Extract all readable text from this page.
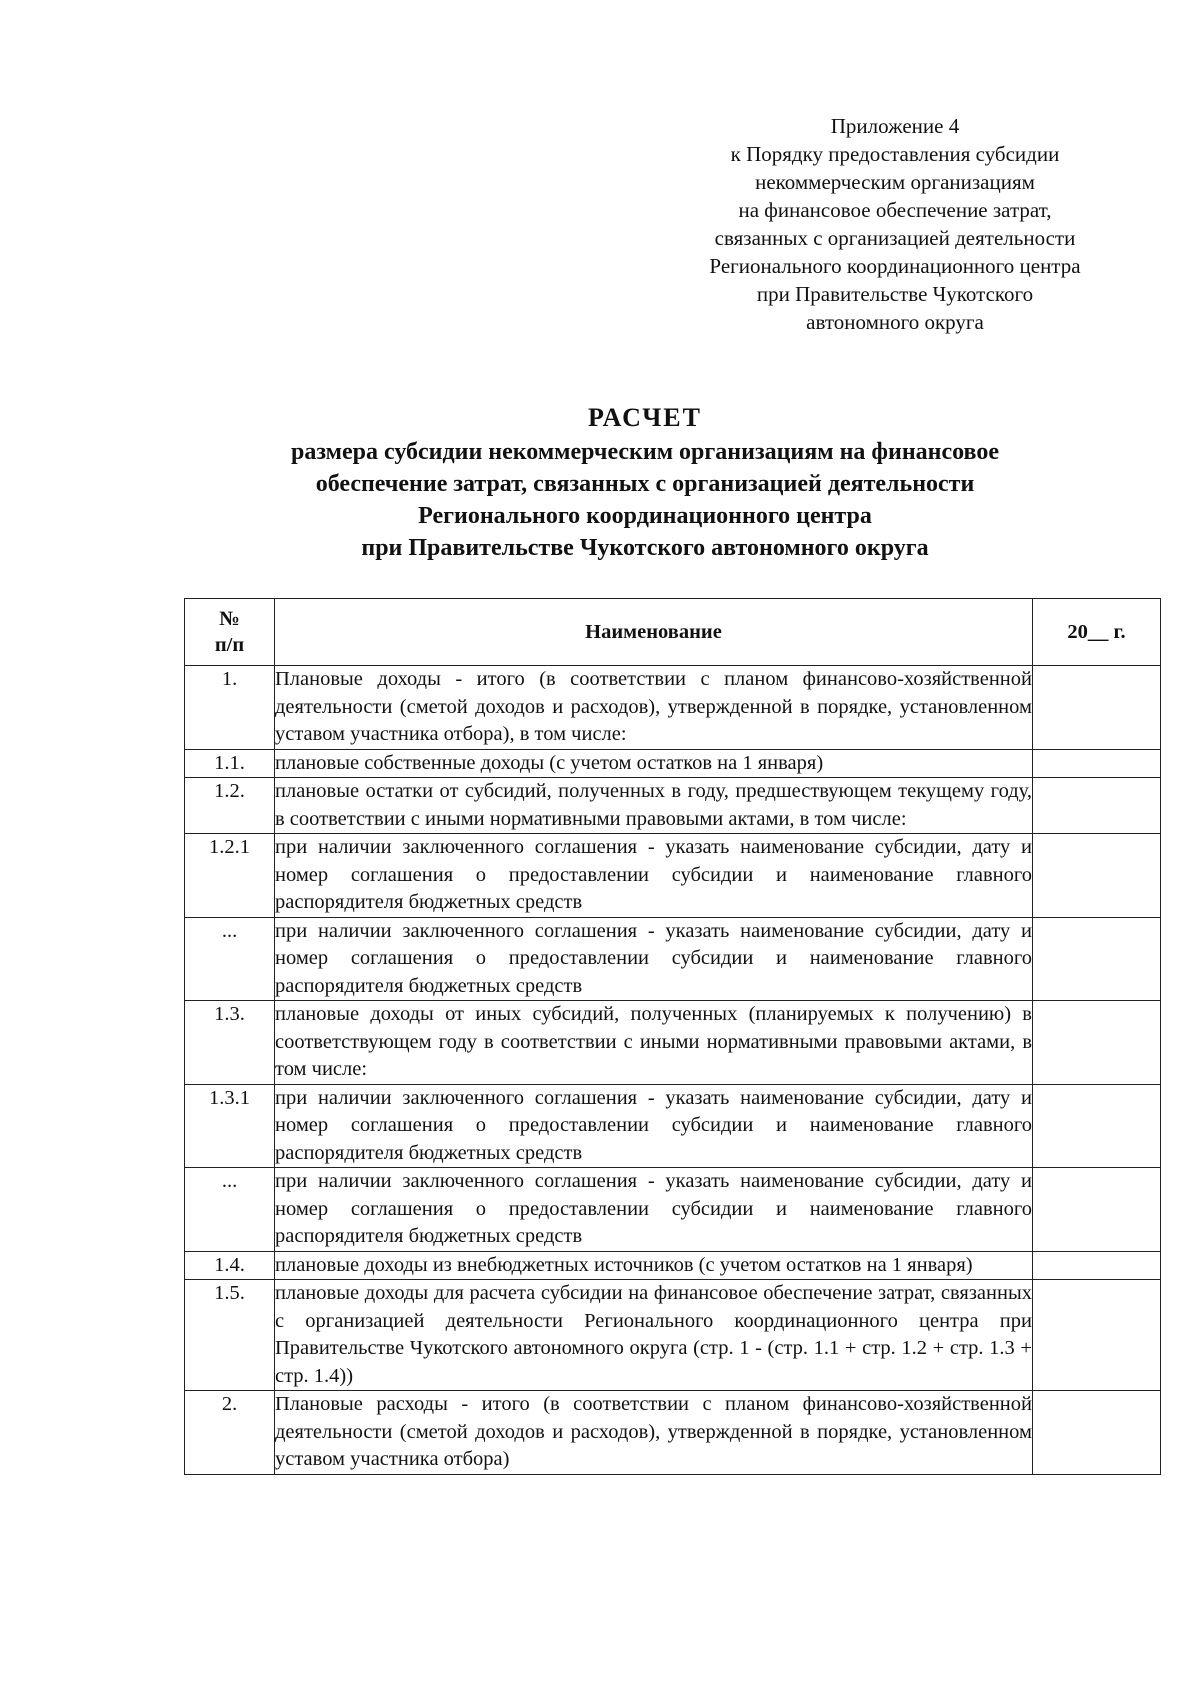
Приложение 4
к Порядку предоставления субсидии
некоммерческим организациям
на финансовое обеспечение затрат,
связанных с организацией деятельности
Регионального координационного центра
при Правительстве Чукотского
автономного округа
РАСЧЕТ
размера субсидии некоммерческим организациям на финансовое
обеспечение затрат, связанных с организацией деятельности
Регионального координационного центра
при Правительстве Чукотского автономного округа
№
п/п	Наименование	20__ г.
1.	Плановые доходы - итого (в соответствии с планом финансово-хозяйственной деятельности (сметой доходов и расходов), утвержденной в порядке, установленном уставом участника отбора), в том числе:	
1.1.	плановые собственные доходы (с учетом остатков на 1 января)	
1.2.	плановые остатки от субсидий, полученных в году, предшествующем текущему году, в соответствии с иными нормативными правовыми актами, в том числе:	
1.2.1	при наличии заключенного соглашения - указать наименование субсидии, дату и номер соглашения о предоставлении субсидии и наименование главного распорядителя бюджетных средств	
...	при наличии заключенного соглашения - указать наименование субсидии, дату и номер соглашения о предоставлении субсидии и наименование главного распорядителя бюджетных средств	
1.3.	плановые доходы от иных субсидий, полученных (планируемых к получению) в соответствующем году в соответствии с иными нормативными правовыми актами, в том числе:	
1.3.1	при наличии заключенного соглашения - указать наименование субсидии, дату и номер соглашения о предоставлении субсидии и наименование главного распорядителя бюджетных средств	
...	при наличии заключенного соглашения - указать наименование субсидии, дату и номер соглашения о предоставлении субсидии и наименование главного распорядителя бюджетных средств	
1.4.	плановые доходы из внебюджетных источников (с учетом остатков на 1 января)	
1.5.	плановые доходы для расчета субсидии на финансовое обеспечение затрат, связанных с организацией деятельности Регионального координационного центра при Правительстве Чукотского автономного округа (стр. 1 - (стр. 1.1 + стр. 1.2 + стр. 1.3 + стр. 1.4))	
2.	Плановые расходы - итого (в соответствии с планом финансово-хозяйственной деятельности (сметой доходов и расходов), утвержденной в порядке, установленном уставом участника отбора)	
